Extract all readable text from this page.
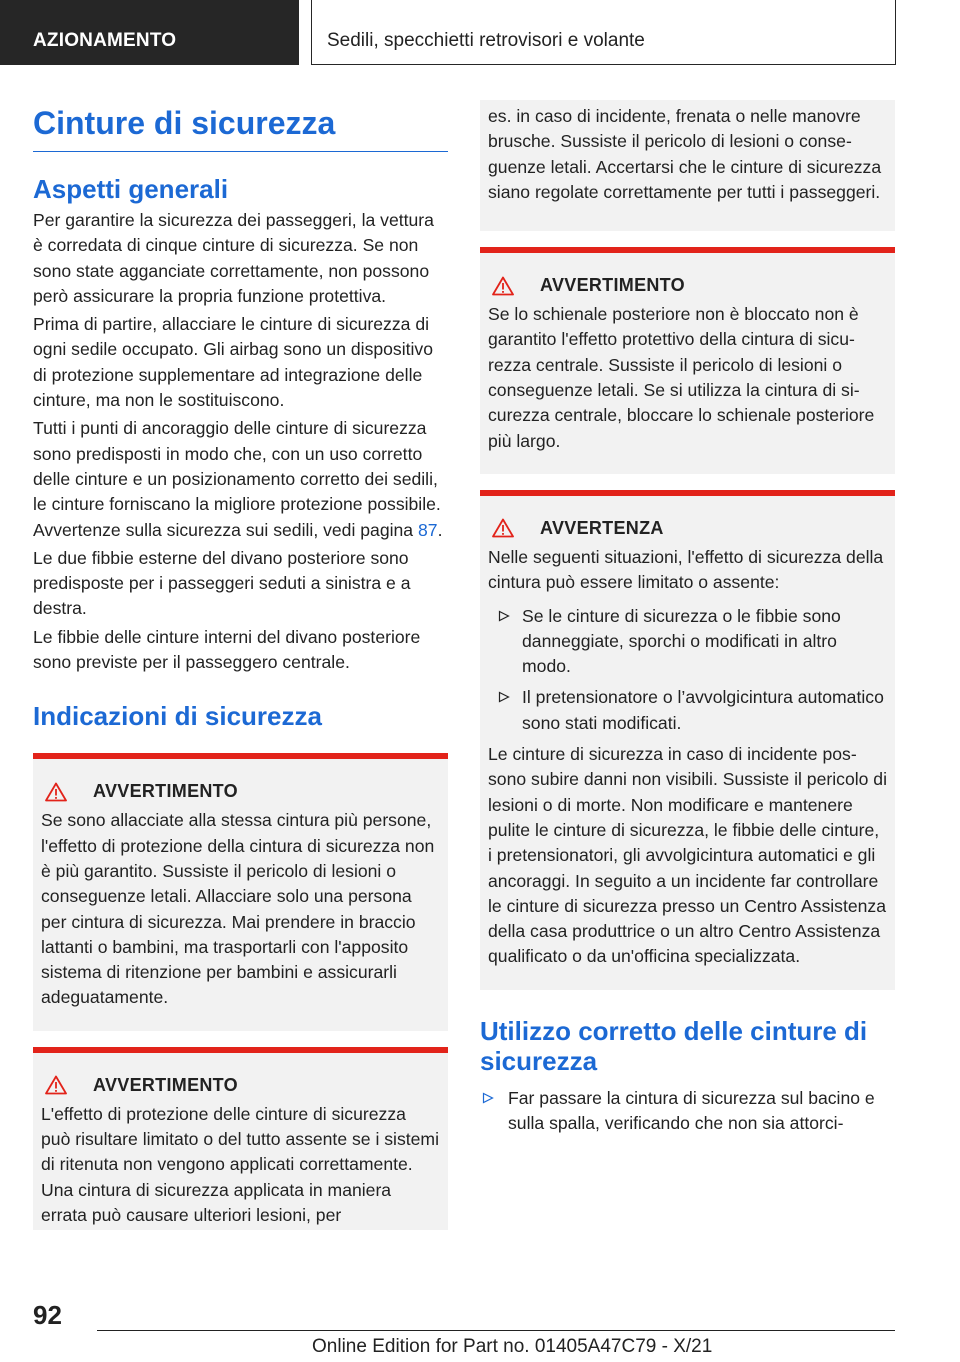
AZIONAMENTO	Sedili, specchietti retrovisori e volante
Cinture di sicurezza
Aspetti generali

Per garantire la sicurezza dei passeggeri, la vettura è corredata di cinque cinture di sicurezza. Se non sono state agganciate correttamente, non possono però assicurare la propria funzione protettiva.

Prima di partire, allacciare le cinture di sicurezza di ogni sedile occupato. Gli airbag sono un dispositivo di protezione supplementare ad integrazione delle cinture, ma non le sostituiscono.

Tutti i punti di ancoraggio delle cinture di sicurezza sono predisposti in modo che, con un uso corretto delle cinture e un posizionamento corretto dei sedili, le cinture forniscano la migliore protezione possibile. Avvertenze sulla sicurezza sui sedili, vedi pagina 87.

Le due fibbie esterne del divano posteriore sono predisposte per i passeggeri seduti a sinistra e a destra.

Le fibbie delle cinture interni del divano posteriore sono previste per il passeggero centrale.

Indicazioni di sicurezza
AVVERTIMENTO

Se sono allacciate alla stessa cintura più persone, l'effetto di protezione della cintura di sicurezza non è più garantito. Sussiste il pericolo di lesioni o conseguenze letali. Allacciare solo una persona per cintura di sicurezza. Mai prendere in braccio lattanti o bambini, ma trasportarli con l'apposito sistema di ritenzione per bambini e assicurarli adeguatamente.

AVVERTIMENTO

L'effetto di protezione delle cinture di sicurezza può risultare limitato o del tutto assente se i sistemi di ritenuta non vengono applicati correttamente. Una cintura di sicurezza applicata in maniera errata può causare ulteriori lesioni, per

es. in caso di incidente, frenata o nelle manovre brusche. Sussiste il pericolo di lesioni o conseguenze letali. Accertarsi che le cinture di sicurezza siano regolate correttamente per tutti i passeggeri.

AVVERTIMENTO

Se lo schienale posteriore non è bloccato non è garantito l'effetto protettivo della cintura di sicurezza centrale. Sussiste il pericolo di lesioni o conseguenze letali. Se si utilizza la cintura di sicurezza centrale, bloccare lo schienale posteriore più largo.

AVVERTENZA

Nelle seguenti situazioni, l'effetto di sicurezza della cintura può essere limitato o assente:

Se le cinture di sicurezza o le fibbie sono danneggiate, sporchi o modificati in altro modo.
Il pretensionatore o l’avvolgicintura automatico sono stati modificati.

Le cinture di sicurezza in caso di incidente possono subire danni non visibili. Sussiste il pericolo di lesioni o di morte. Non modificare e mantenere pulite le cinture di sicurezza, le fibbie delle cinture, i pretensionatori, gli avvolgicintura automatici e gli ancoraggi. In seguito a un incidente far controllare le cinture di sicurezza presso un Centro Assistenza della casa produttrice o un altro Centro Assistenza qualificato o da un'officina specializzata.

Utilizzo corretto delle cinture di sicurezza
Far passare la cintura di sicurezza sul bacino e sulla spalla, verificando che non sia attorci-
92
Online Edition for Part no. 01405A47C79 - X/21
